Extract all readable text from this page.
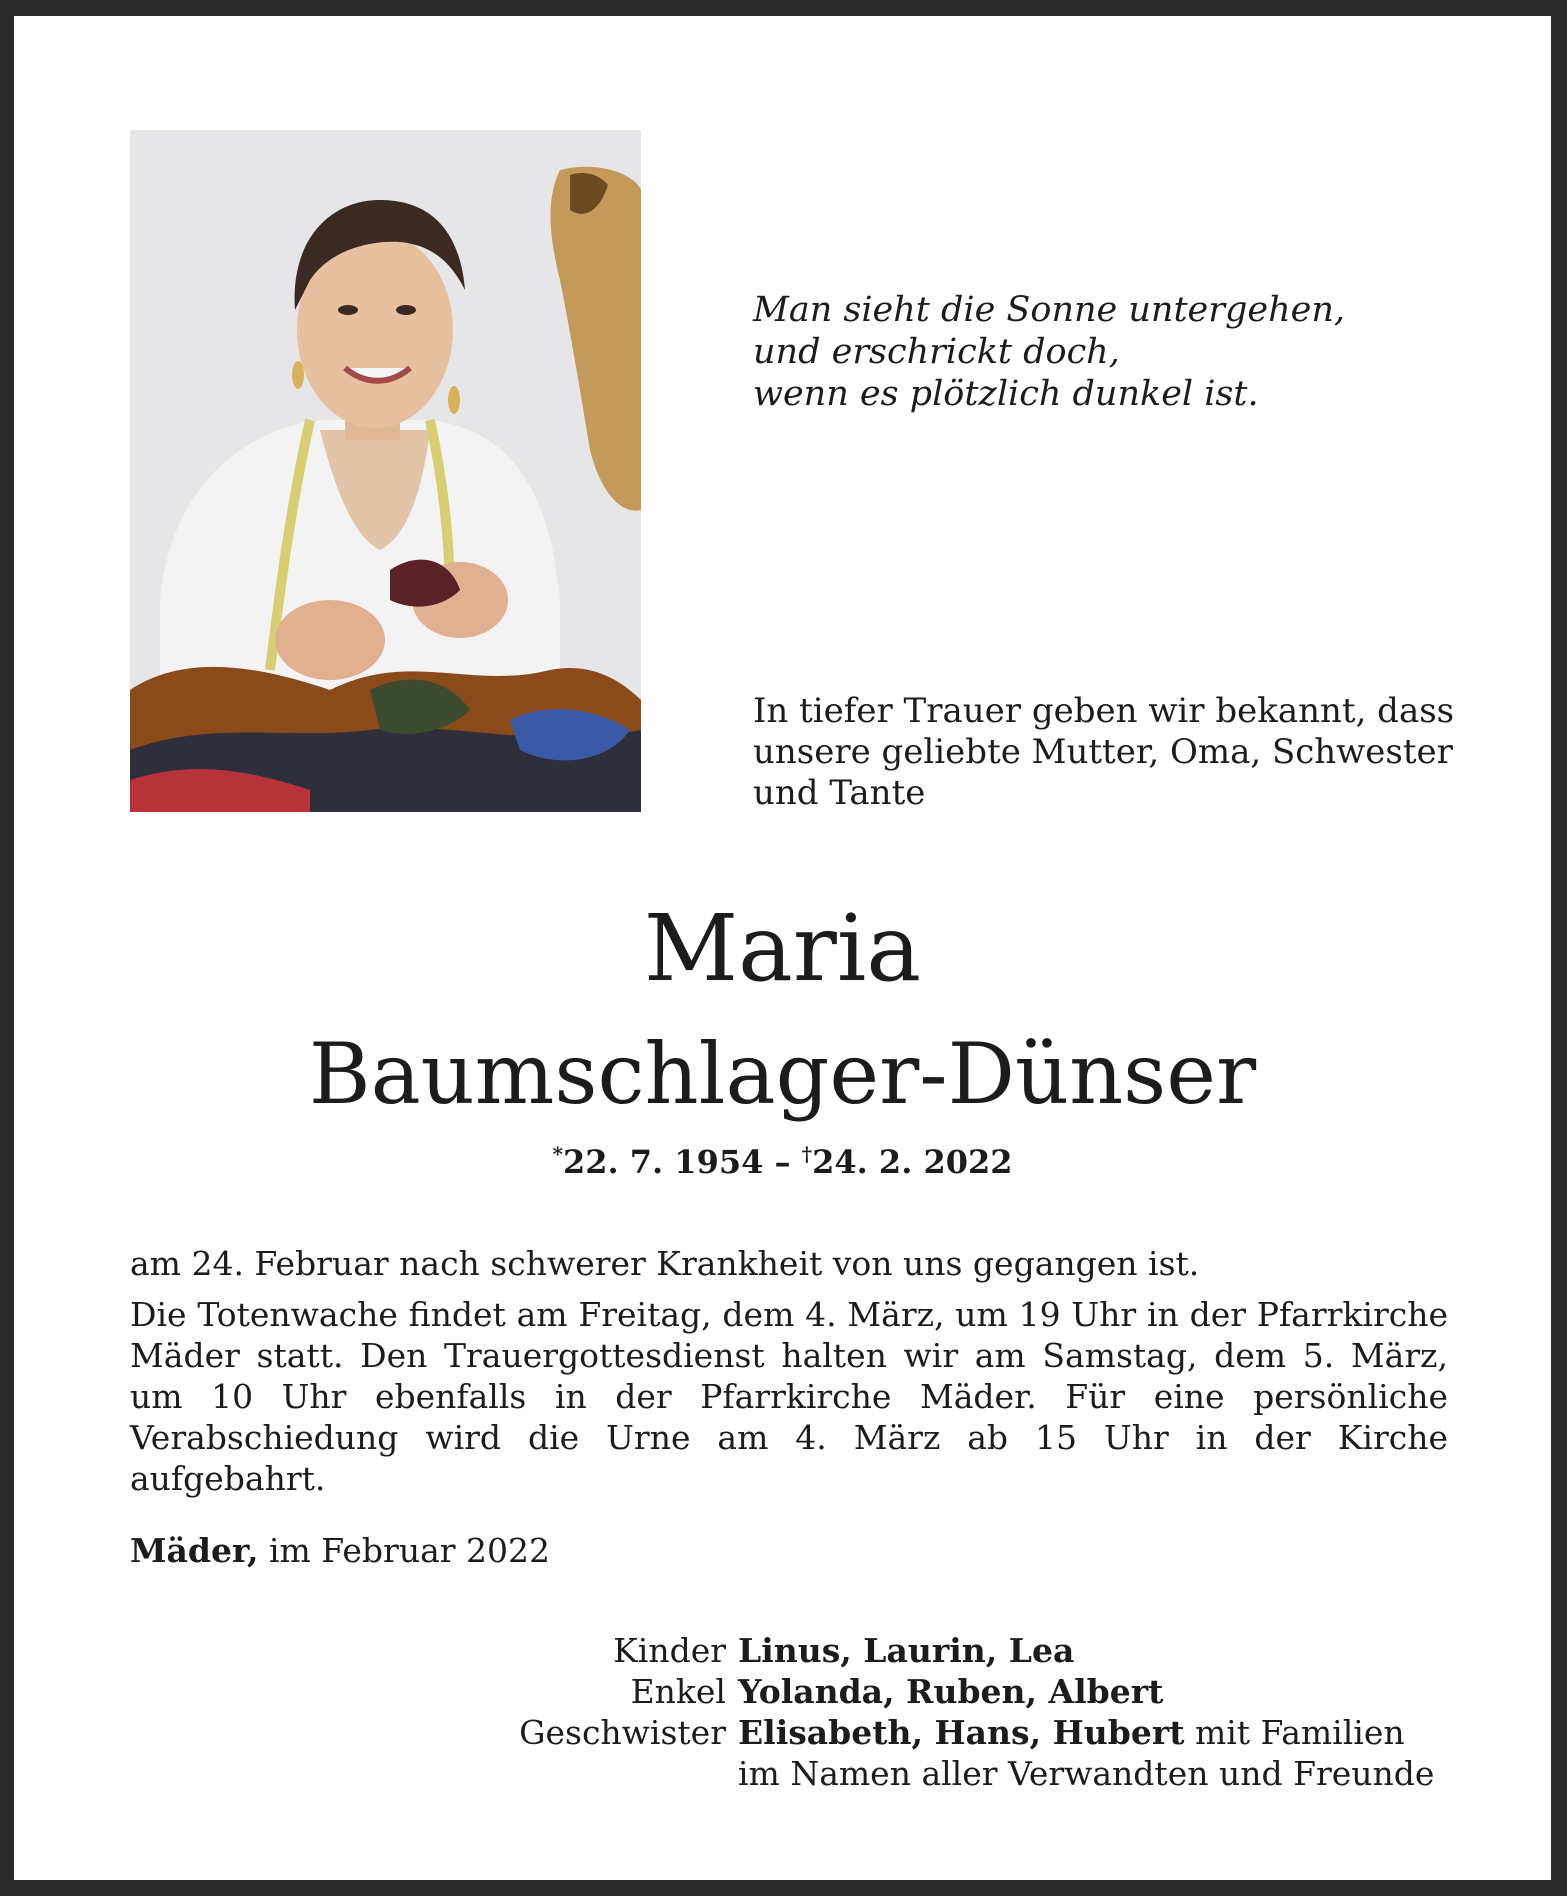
Man sieht die Sonne untergehen,
und erschrickt doch,
wenn es plötzlich dunkel ist.
In tiefer Trauer geben wir bekannt, dass
unsere geliebte Mutter, Oma, Schwester
und Tante
Maria
Baumschlager-Dünser
*22. 7. 1954 – †24. 2. 2022

am 24. Februar nach schwerer Krankheit von uns gegangen ist.

Die Totenwache findet am Freitag, dem 4. März, um 19 Uhr in der Pfarrkirche Mäder statt. Den Trauergottesdienst halten wir am Samstag, dem 5. März, um 10 Uhr ebenfalls in der Pfarrkirche Mäder. Für eine persönliche Verabschiedung wird die Urne am 4. März ab 15 Uhr in der Kirche aufgebahrt.

Mäder, im Februar 2022
Kinder Linus, Laurin, Lea
Enkel Yolanda, Ruben, Albert
Geschwister Elisabeth, Hans, Hubert mit Familien
im Namen aller Verwandten und Freunde
